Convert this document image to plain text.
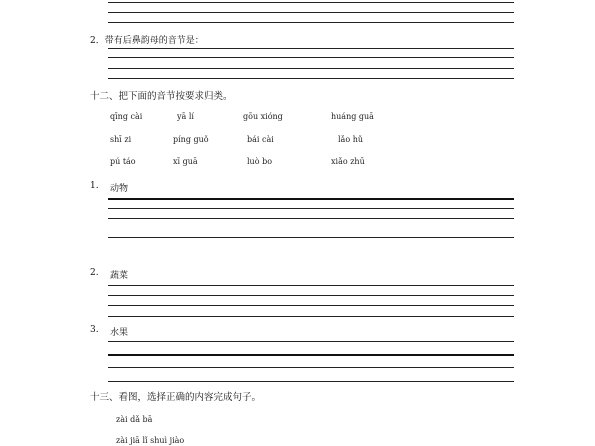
2．带有后鼻韵母的音节是：
十二、把下面的音节按要求归类。
qīng cài	yā lí	gōu xióng	huáng guā
shī zi	píng guǒ	bái cài	lǎo hǔ
pú táo	xī guā	luò bo	xiǎo zhū
1. 动物
2. 蔬菜
3. 水果
十三、看图，选择正确的内容完成句子。
zài dǎ bā
zài jiā lǐ shuì jiào
